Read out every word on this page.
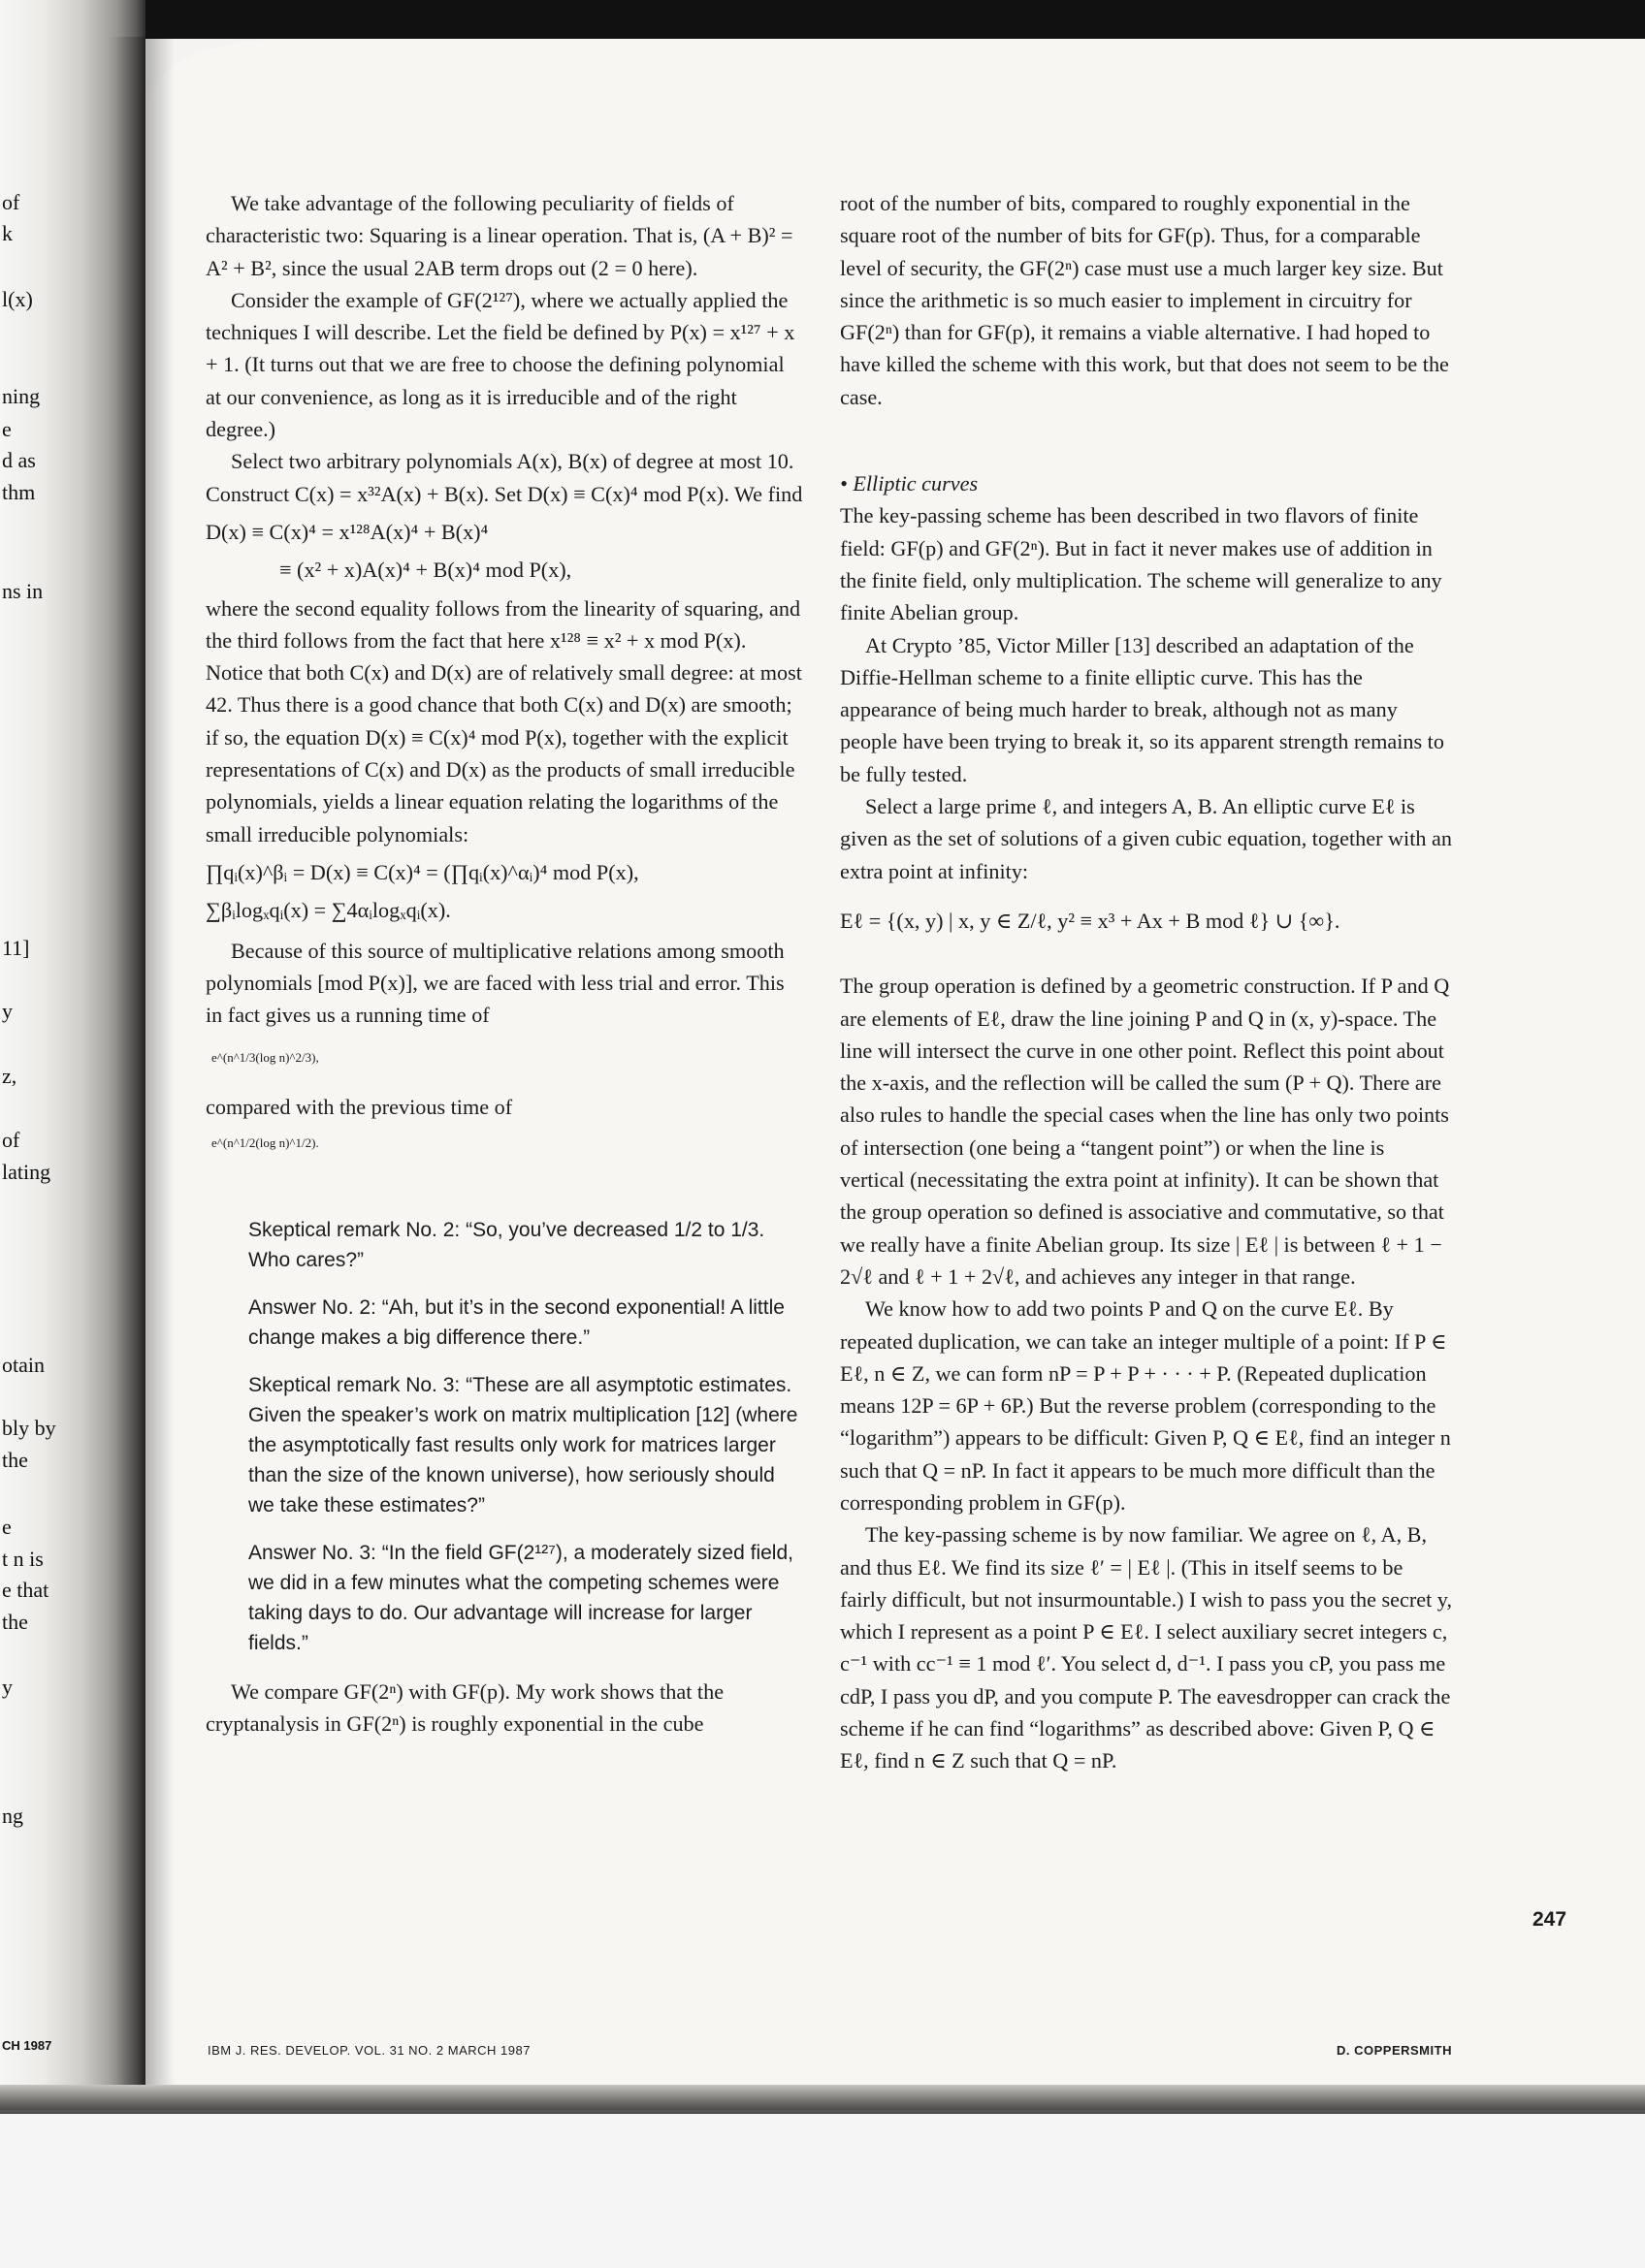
of
k
l(x)
ning
e
d as
thm
ns in
11]
y
z,
of
lating
otain
bly by
the
e
t n is
e that
the
y
ng
CH 1987

We take advantage of the following peculiarity of fields of characteristic two: Squaring is a linear operation. That is, (A + B)² = A² + B², since the usual 2AB term drops out (2 = 0 here).

Consider the example of GF(2¹²⁷), where we actually applied the techniques I will describe. Let the field be defined by P(x) = x¹²⁷ + x + 1. (It turns out that we are free to choose the defining polynomial at our convenience, as long as it is irreducible and of the right degree.)

Select two arbitrary polynomials A(x), B(x) of degree at most 10. Construct C(x) = x³²A(x) + B(x). Set D(x) ≡ C(x)⁴ mod P(x). We find

D(x) ≡ C(x)⁴ = x¹²⁸A(x)⁴ + B(x)⁴

≡ (x² + x)A(x)⁴ + B(x)⁴ mod P(x),

where the second equality follows from the linearity of squaring, and the third follows from the fact that here x¹²⁸ ≡ x² + x mod P(x). Notice that both C(x) and D(x) are of relatively small degree: at most 42. Thus there is a good chance that both C(x) and D(x) are smooth; if so, the equation D(x) ≡ C(x)⁴ mod P(x), together with the explicit representations of C(x) and D(x) as the products of small irreducible polynomials, yields a linear equation relating the logarithms of the small irreducible polynomials:

∏qᵢ(x)^βᵢ = D(x) ≡ C(x)⁴ = (∏qᵢ(x)^αᵢ)⁴ mod P(x),

∑βᵢlogₓqᵢ(x) = ∑4αᵢlogₓqᵢ(x).

Because of this source of multiplicative relations among smooth polynomials [mod P(x)], we are faced with less trial and error. This in fact gives us a running time of

e^(n^1/3(log n)^2/3),

compared with the previous time of

e^(n^1/2(log n)^1/2).

Skeptical remark No. 2: “So, you’ve decreased 1/2 to 1/3. Who cares?”

Answer No. 2: “Ah, but it’s in the second exponential! A little change makes a big difference there.”

Skeptical remark No. 3: “These are all asymptotic estimates. Given the speaker’s work on matrix multiplication [12] (where the asymptotically fast results only work for matrices larger than the size of the known universe), how seriously should we take these estimates?”

Answer No. 3: “In the field GF(2¹²⁷), a moderately sized field, we did in a few minutes what the competing schemes were taking days to do. Our advantage will increase for larger fields.”

We compare GF(2ⁿ) with GF(p). My work shows that the cryptanalysis in GF(2ⁿ) is roughly exponential in the cube

root of the number of bits, compared to roughly exponential in the square root of the number of bits for GF(p). Thus, for a comparable level of security, the GF(2ⁿ) case must use a much larger key size. But since the arithmetic is so much easier to implement in circuitry for GF(2ⁿ) than for GF(p), it remains a viable alternative. I had hoped to have killed the scheme with this work, but that does not seem to be the case.

• Elliptic curves

The key-passing scheme has been described in two flavors of finite field: GF(p) and GF(2ⁿ). But in fact it never makes use of addition in the finite field, only multiplication. The scheme will generalize to any finite Abelian group.

At Crypto ’85, Victor Miller [13] described an adaptation of the Diffie-Hellman scheme to a finite elliptic curve. This has the appearance of being much harder to break, although not as many people have been trying to break it, so its apparent strength remains to be fully tested.

Select a large prime ℓ, and integers A, B. An elliptic curve Eℓ is given as the set of solutions of a given cubic equation, together with an extra point at infinity:

Eℓ = {(x, y) | x, y ∈ Z/ℓ, y² ≡ x³ + Ax + B mod ℓ} ∪ {∞}.

The group operation is defined by a geometric construction. If P and Q are elements of Eℓ, draw the line joining P and Q in (x, y)-space. The line will intersect the curve in one other point. Reflect this point about the x-axis, and the reflection will be called the sum (P + Q). There are also rules to handle the special cases when the line has only two points of intersection (one being a “tangent point”) or when the line is vertical (necessitating the extra point at infinity). It can be shown that the group operation so defined is associative and commutative, so that we really have a finite Abelian group. Its size | Eℓ | is between ℓ + 1 − 2√ℓ and ℓ + 1 + 2√ℓ, and achieves any integer in that range.

We know how to add two points P and Q on the curve Eℓ. By repeated duplication, we can take an integer multiple of a point: If P ∈ Eℓ, n ∈ Z, we can form nP = P + P + · · · + P. (Repeated duplication means 12P = 6P + 6P.) But the reverse problem (corresponding to the “logarithm”) appears to be difficult: Given P, Q ∈ Eℓ, find an integer n such that Q = nP. In fact it appears to be much more difficult than the corresponding problem in GF(p).

The key-passing scheme is by now familiar. We agree on ℓ, A, B, and thus Eℓ. We find its size ℓ′ = | Eℓ |. (This in itself seems to be fairly difficult, but not insurmountable.) I wish to pass you the secret y, which I represent as a point P ∈ Eℓ. I select auxiliary secret integers c, c⁻¹ with cc⁻¹ ≡ 1 mod ℓ′. You select d, d⁻¹. I pass you cP, you pass me cdP, I pass you dP, and you compute P. The eavesdropper can crack the scheme if he can find “logarithms” as described above: Given P, Q ∈ Eℓ, find n ∈ Z such that Q = nP.

247
IBM J. RES. DEVELOP. VOL. 31 NO. 2 MARCH 1987	D. COPPERSMITH
